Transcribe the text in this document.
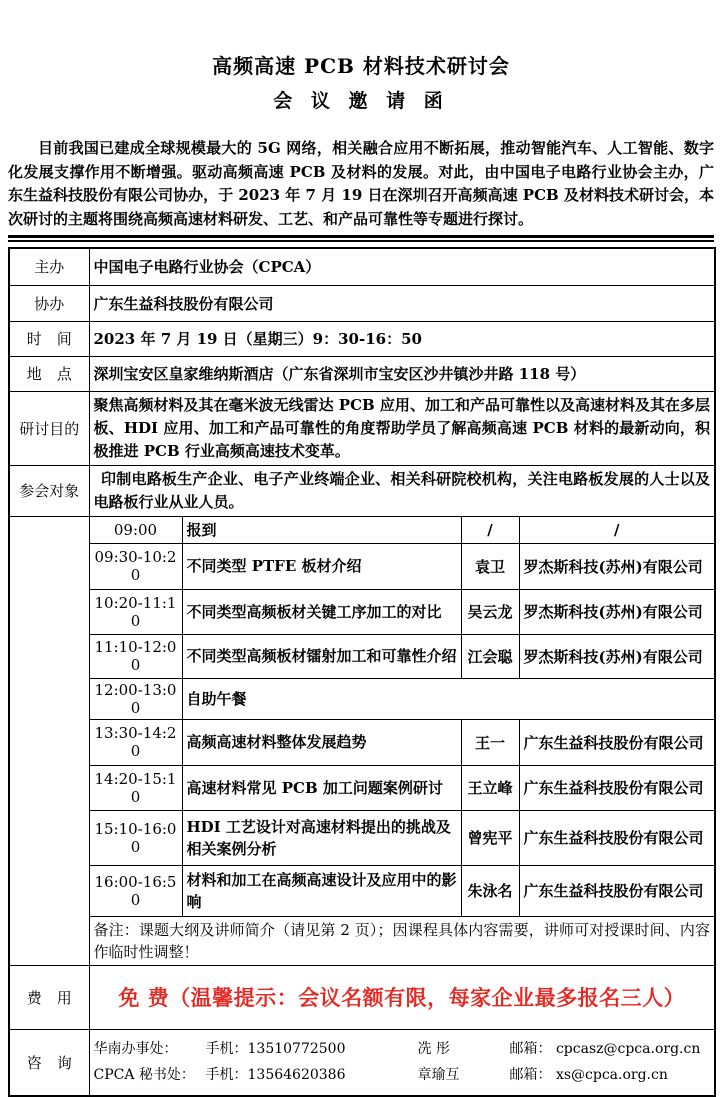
高频高速 PCB 材料技术研讨会
会 议 邀 请 函

目前我国已建成全球规模最大的 5G 网络，相关融合应用不断拓展，推动智能汽车、人工智能、数字化发展支撑作用不断增强。驱动高频高速 PCB 及材料的发展。对此，由中国电子电路行业协会主办，广东生益科技股份有限公司协办，于 2023 年 7 月 19 日在深圳召开高频高速 PCB 及材料技术研讨会，本次研讨的主题将围绕高频高速材料研发、工艺、和产品可靠性等专题进行探讨。

主办	中国电子电路行业协会（CPCA）			
协办	广东生益科技股份有限公司			
时　间	2023 年 7 月 19 日（星期三）9：30-16：50			
地　点	深圳宝安区皇家维纳斯酒店（广东省深圳市宝安区沙井镇沙井路 118 号）			
研讨目的	聚焦高频材料及其在毫米波无线雷达 PCB 应用、加工和产品可靠性以及高速材料及其在多层板、HDI 应用、加工和产品可靠性的角度帮助学员了解高频高速 PCB 材料的最新动向，积极推进 PCB 行业高频高速技术变革。			
参会对象	印制电路板生产企业、电子产业终端企业、相关科研院校机构，关注电路板发展的人士以及电路板行业从业人员。			

	09:00	报到	/	/
	09:30-10:20	不同类型 PTFE 板材介绍	袁卫	罗杰斯科技(苏州)有限公司
	10:20-11:10	不同类型高频板材关键工序加工的对比	吴云龙	罗杰斯科技(苏州)有限公司
	11:10-12:00	不同类型高频板材镭射加工和可靠性介绍	江会聪	罗杰斯科技(苏州)有限公司
	12:00-13:00	自助午餐		
	13:30-14:20	高频高速材料整体发展趋势	王一	广东生益科技股份有限公司
	14:20-15:10	高速材料常见 PCB 加工问题案例研讨	王立峰	广东生益科技股份有限公司
	15:10-16:00	HDI 工艺设计对高速材料提出的挑战及相关案例分析	曾宪平	广东生益科技股份有限公司
	16:00-16:50	材料和加工在高频高速设计及应用中的影响	朱泳名	广东生益科技股份有限公司
	备注：课题大纲及讲师简介（请见第 2 页）；因课程具体内容需要，讲师可对授课时间、内容作临时性调整！			
费　用	免 费（温馨提示：会议名额有限，每家企业最多报名三人）			
咨　询	
华南办事处：	手机：13510772500	冼 彤	邮箱： cpcasz@cpca.org.cn
CPCA 秘书处： 手机：13564620386	章瑜互	邮箱： xs@cpca.org.cn
